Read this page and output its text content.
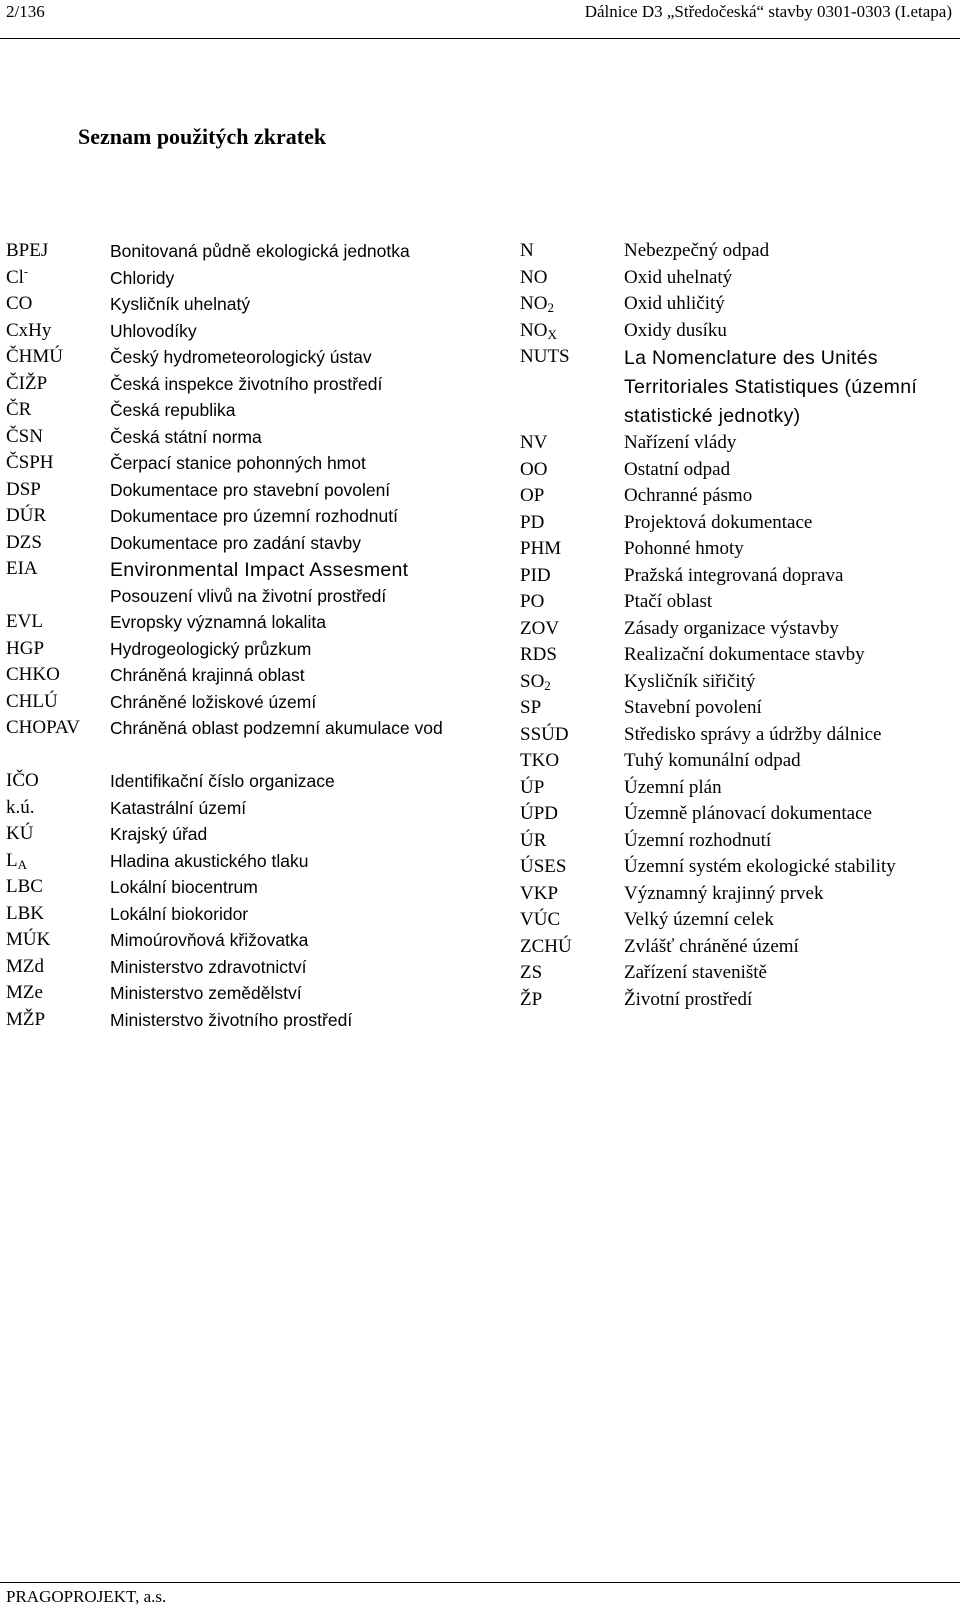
2/136	Dálnice D3 „Středočeská“ stavby 0301-0303 (I.etapa)
Seznam použitých zkratek
BPEJ	Bonitovaná půdně ekologická jednotka
Cl-	Chloridy
CO	Kysličník uhelnatý
CxHy	Uhlovodíky
ČHMÚ	Český hydrometeorologický ústav
ČIŽP	Česká inspekce životního prostředí
ČR	Česká republika
ČSN	Česká státní norma
ČSPH	Čerpací stanice pohonných hmot
DSP	Dokumentace pro stavební povolení
DÚR	Dokumentace pro územní rozhodnutí
DZS	Dokumentace pro zadání stavby
EIA	Environmental Impact Assesment
Posouzení vlivů na životní prostředí
EVL	Evropsky významná lokalita
HGP	Hydrogeologický průzkum
CHKO	Chráněná krajinná oblast
CHLÚ	Chráněné ložiskové území
CHOPAV	Chráněná oblast podzemní akumulace vod
IČO	Identifikační číslo organizace
k.ú.	Katastrální území
KÚ	Krajský úřad
$L_A$	Hladina akustického tlaku
LBC	Lokální biocentrum
LBK	Lokální biokoridor
MÚK	Mimoúrovňová křižovatka
MZd	Ministerstvo zdravotnictví
MZe	Ministerstvo zemědělství
MŽP	Ministerstvo životního prostředí
N	Nebezpečný odpad
NO	Oxid uhelnatý
$NO_2$	Oxid uhličitý
$NO_X$	Oxidy dusíku
NUTS	La Nomenclature des Unités Territoriales Statistiques (územní statistické jednotky)
NV	Nařízení vlády
OO	Ostatní odpad
OP	Ochranné pásmo
PD	Projektová dokumentace
PHM	Pohonné hmoty
PID	Pražská integrovaná doprava
PO	Ptačí oblast
ZOV	Zásady organizace výstavby
RDS	Realizační dokumentace stavby
$SO_2$	Kysličník siřičitý
SP	Stavební povolení
SSÚD	Středisko správy a údržby dálnice
TKO	Tuhý komunální odpad
ÚP	Územní plán
ÚPD	Územně plánovací dokumentace
ÚR	Územní rozhodnutí
ÚSES	Územní systém ekologické stability
VKP	Významný krajinný prvek
VÚC	Velký územní celek
ZCHÚ	Zvlášť chráněné území
ZS	Zařízení staveniště
ŽP	Životní prostředí
PRAGOPROJEKT, a.s.
